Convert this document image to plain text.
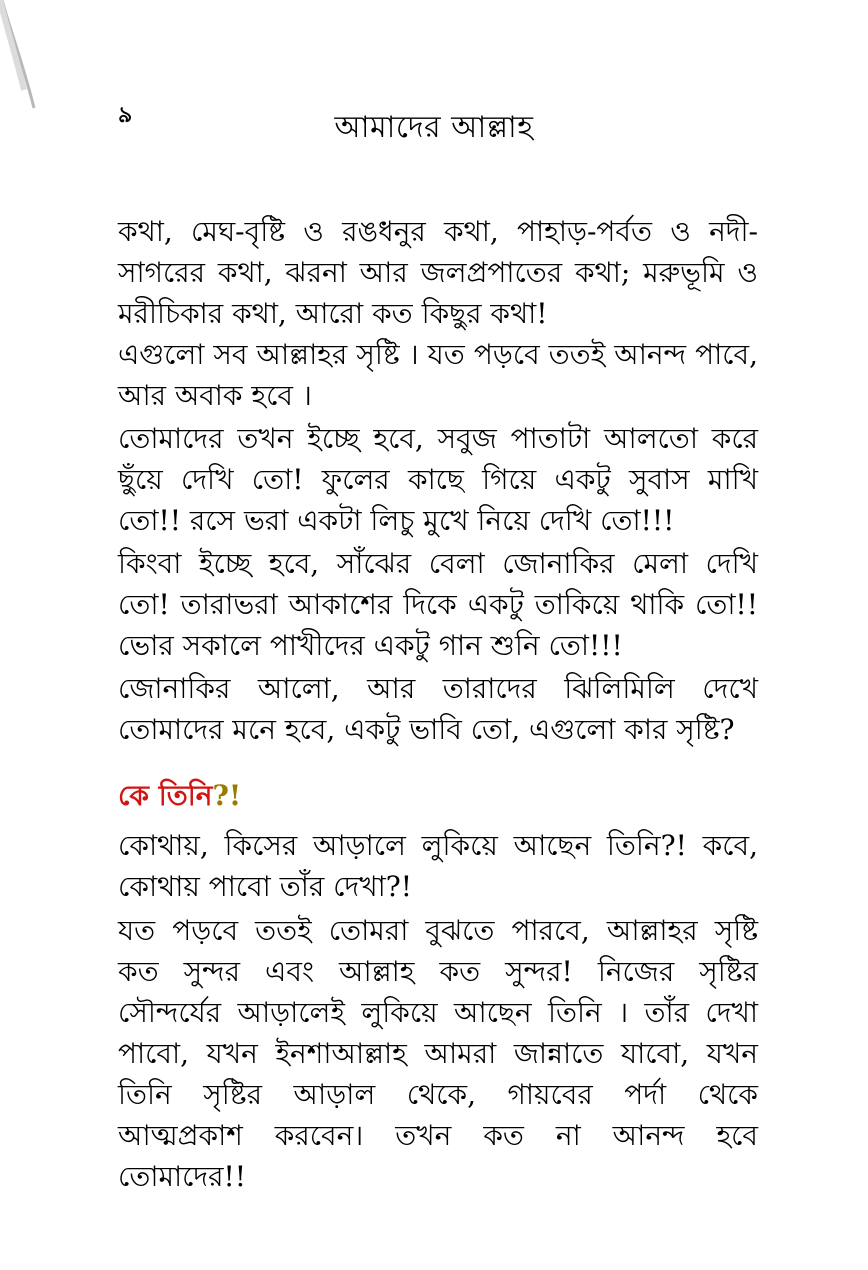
৯	আমাদের আল্লাহ
কথা, মেঘ-বৃষ্টি ও রঙধনুর কথা, পাহাড়-পর্বত ও নদী-
সাগরের কথা, ঝরনা আর জলপ্রপাতের কথা; মরুভূমি ও
মরীচিকার কথা, আরো কত কিছুর কথা!
এগুলো সব আল্লাহর সৃষ্টি । যত পড়বে ততই আনন্দ পাবে,
আর অবাক হবে ।
তোমাদের তখন ইচ্ছে হবে, সবুজ পাতাটা আলতো করে
ছুঁয়ে দেখি তো! ফুলের কাছে গিয়ে একটু সুবাস মাখি
তো!! রসে ভরা একটা লিচু মুখে নিয়ে দেখি তো!!!
কিংবা ইচ্ছে হবে, সাঁঝের বেলা জোনাকির মেলা দেখি
তো! তারাভরা আকাশের দিকে একটু তাকিয়ে থাকি তো!!
ভোর সকালে পাখীদের একটু গান শুনি তো!!!
জোনাকির আলো, আর তারাদের ঝিলিমিলি দেখে
তোমাদের মনে হবে, একটু ভাবি তো, এগুলো কার সৃষ্টি?
কে তিনি?!
কোথায়, কিসের আড়ালে লুকিয়ে আছেন তিনি?! কবে,
কোথায় পাবো তাঁর দেখা?!
যত পড়বে ততই তোমরা বুঝতে পারবে, আল্লাহর সৃষ্টি
কত সুন্দর এবং আল্লাহ কত সুন্দর! নিজের সৃষ্টির
সৌন্দর্যের আড়ালেই লুকিয়ে আছেন তিনি । তাঁর দেখা
পাবো, যখন ইনশাআল্লাহ আমরা জান্নাতে যাবো, যখন
তিনি সৃষ্টির আড়াল থেকে, গায়বের পর্দা থেকে
আত্মপ্রকাশ করবেন। তখন কত না আনন্দ হবে
তোমাদের!!
